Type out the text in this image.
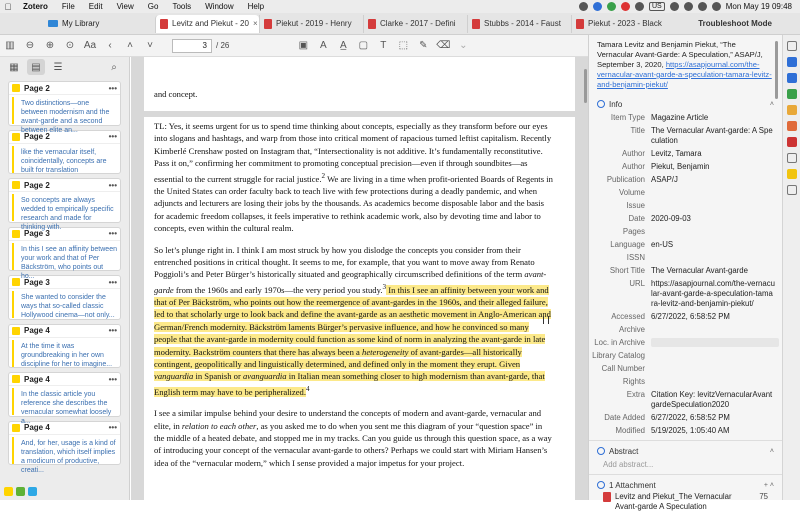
Zotero	File	Edit	View	Go	Tools	Window	Help	US	Mon May 19 09:48
My Library	Levitz and Piekut - 20 × Piekut - 2019 - Henry	Clarke - 2017 - Defini	Stubbs - 2014 - Faust	Piekut - 2023 - Black	Troubleshoot Mode
▥	⊖	⊕	⊙ Aa	‹	˄	˅	3	/ 26	▣	A	A̲	▢	T	⬚	✎ ⌫ ⌄
▦	▤	☰	⌕
Page 2	•••
Two distinctions—one between modernism and the avant-garde and a second between elite an...
Page 2	•••
like the vernacular itself, coincidentally, concepts are built for translation
Page 2	•••
So concepts are always wedded to empirically specific research and made for thinking with.
Page 3	•••
In this I see an affinity between your work and that of Per Bäckström, who points out ho...
Page 3	•••
She wanted to consider the ways that so-called classic Hollywood cinema—not only...
Page 4	•••
At the time it was groundbreaking in her own discipline for her to imagine...
Page 4	•••
In the classic article you reference she describes the vernacular somewhat loosely a...
Page 4	•••
And, for her, usage is a kind of translation, which itself implies a modicum of productive, creati...

and concept.

TL: Yes, it seems urgent for us to spend time thinking about concepts, especially as they transform before our eyes into slogans and hashtags, and warp from those into critical moment of rapacious turned leftist capitalism. Recently Kimberlé Crenshaw posted on Instagram that, “Intersectionality is not additive. It’s fundamentally reconstitutive. Pass it on,” confirming her commitment to promoting conceptual precision—even if through soundbites—as essential to the current struggle for racial justice.$^2$ We are living in a time when profit-oriented Boards of Regents in the United States can order faculty back to teach live with few protections during a deadly pandemic, and when adjuncts and lecturers are losing their jobs by the thousands. As academics become disposable labor and the basis for academic freedom collapses, it feels imperative to rethink academic work, also by devoting time and labor to concepts, even within the cultural realm.

So let’s plunge right in. I think I am most struck by how you dislodge the concepts you consider from their entrenched positions in critical thought. It seems to me, for example, that you want to move away from Renato Poggioli’s and Peter Bürger’s historically situated and geographically circumscribed definitions of the term avant-garde from the 1960s and early 1970s—the very period you study.$^3$ In this I see an affinity between your work and that of Per Bäckström, who points out how the reemergence of avant-gardes in the 1960s, and their alleged failure, led to that scholarly urge to look back and define the avant-garde as an aesthetic movement in Anglo-American and German/French modernity. Bäckström laments Bürger’s pervasive influence, and how he convinced so many people that the avant-garde in modernity could function as some kind of norm in analyzing the avant-garde in late modernity. Backström counters that there has always been a heterogeneity of avant-gardes—all historically contingent, geopolitically and linguistically determined, and defined only in the moment they erupt. Given vanguardia in Spanish or avanguardia in Italian mean something closer to high modernism than avant-garde, that English term may have to be peripheralized.$^4$

I see a similar impulse behind your desire to understand the concepts of modern and avant-garde, vernacular and elite, in relation to each other, as you asked me to do when you sent me this diagram of your “question space” in the middle of a heated debate, and stopped me in my tracks. Can you guide us through this question space, as a way of introducing your concept of the vernacular avant-garde to others? Perhaps we could start with Miriam Hansen’s idea of the “vernacular modern,” which I sense provided a major impetus for your project.

Tamara Levitz and Benjamin Piekut, “The Vernacular Avant-Garde: A Speculation,” ASAP/J, September 3, 2020, https://asapjournal.com/the-vernacular-avant-garde-a-speculation-tamara-levitz-and-benjamin-piekut/
Info	˄
Item Type Magazine Article
Title The Vernacular Avant-garde: A Speculation
Author Levitz, Tamara
Author Piekut, Benjamin
Publication ASAP/J
Volume
Issue
Date 2020-09-03
Pages
Language en-US
ISSN
Short Title The Vernacular Avant-garde
URL https://asapjournal.com/the-vernacular-avant-garde-a-speculation-tamara-levitz-and-benjamin-piekut/
Accessed 6/27/2022, 6:58:52 PM
Archive
Loc. in Archive
Library Catalog
Call Number
Rights
Extra Citation Key: levitzVernacularAvantgardeSpeculation2020
Date Added 6/27/2022, 6:58:52 PM
Modified 5/19/2025, 1:05:40 AM
Abstract	˄
Add abstract...
1 Attachment	+ ˄
Levitz and Piekut_The Vernacular Avant-garde A Speculation
75
